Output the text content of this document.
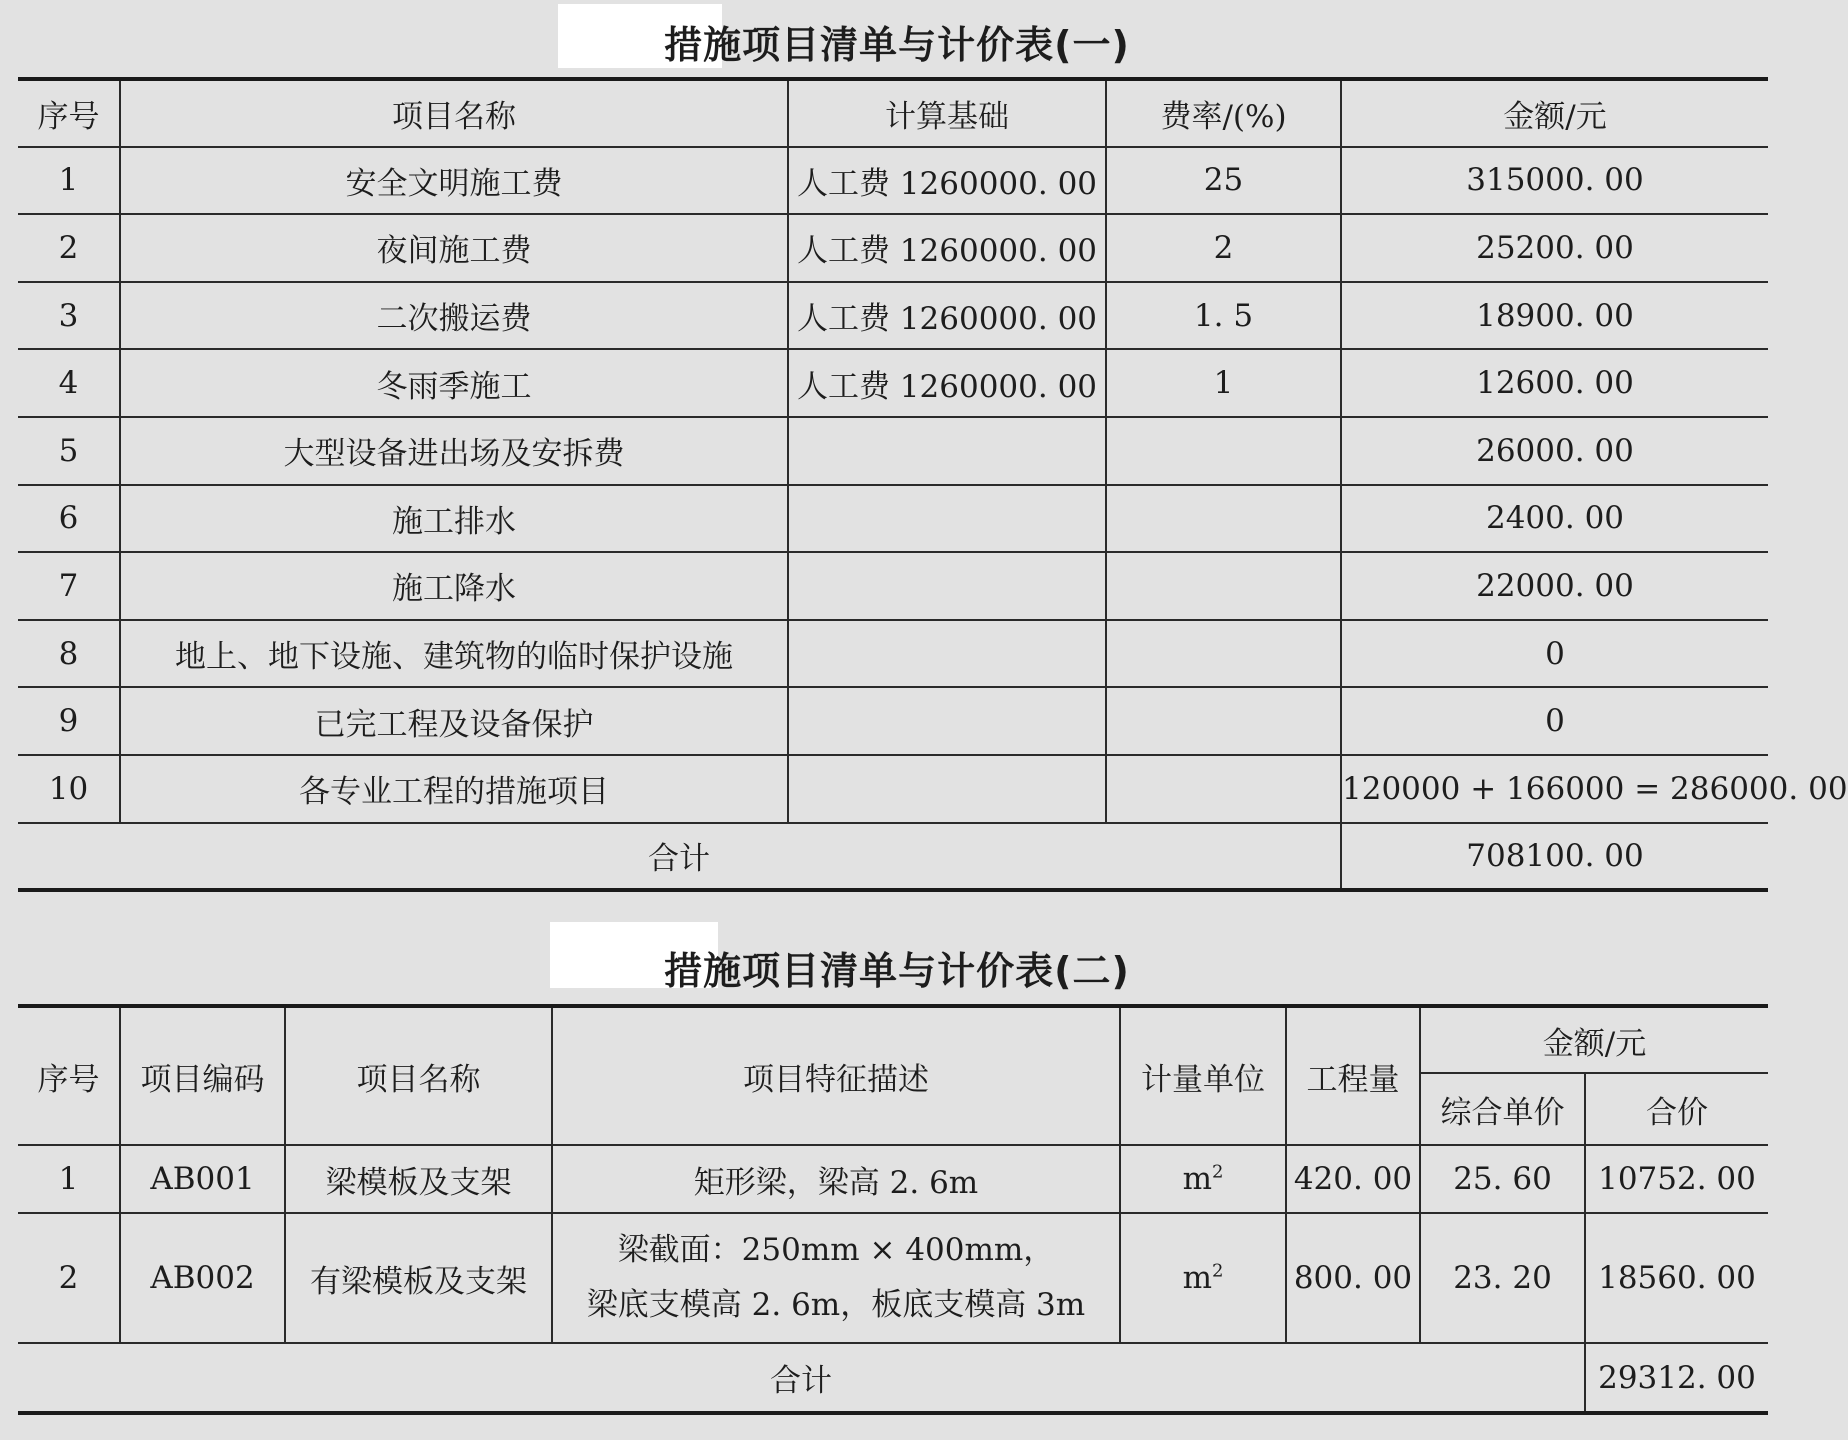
措施项目清单与计价表(一)
序号	项目名称	计算基础	费率/(%)	金额/元
1	安全文明施工费	人工费 1260000. 00	25	315000. 00
2	夜间施工费	人工费 1260000. 00	2	25200. 00
3	二次搬运费	人工费 1260000. 00	1. 5	18900. 00
4	冬雨季施工	人工费 1260000. 00	1	12600. 00
5	大型设备进出场及安拆费			26000. 00
6	施工排水			2400. 00
7	施工降水			22000. 00
8	地上、地下设施、建筑物的临时保护设施			0
9	已完工程及设备保护			0
10	各专业工程的措施项目			120000 + 166000 = 286000. 00
合计				708100. 00
措施项目清单与计价表(二)
序号	项目编码	项目名称	项目特征描述	计量单位	工程量	金额/元	
						综合单价	合价
1	AB001	梁模板及支架	矩形梁，梁高 2. 6m	$m^2$	420. 00	25. 60	10752. 00
2	AB002	有梁模板及支架	梁截面：250mm × 400mm，
梁底支模高 2. 6m，板底支模高 3m	$m^2$	800. 00	23. 20	18560. 00
合计							29312. 00
